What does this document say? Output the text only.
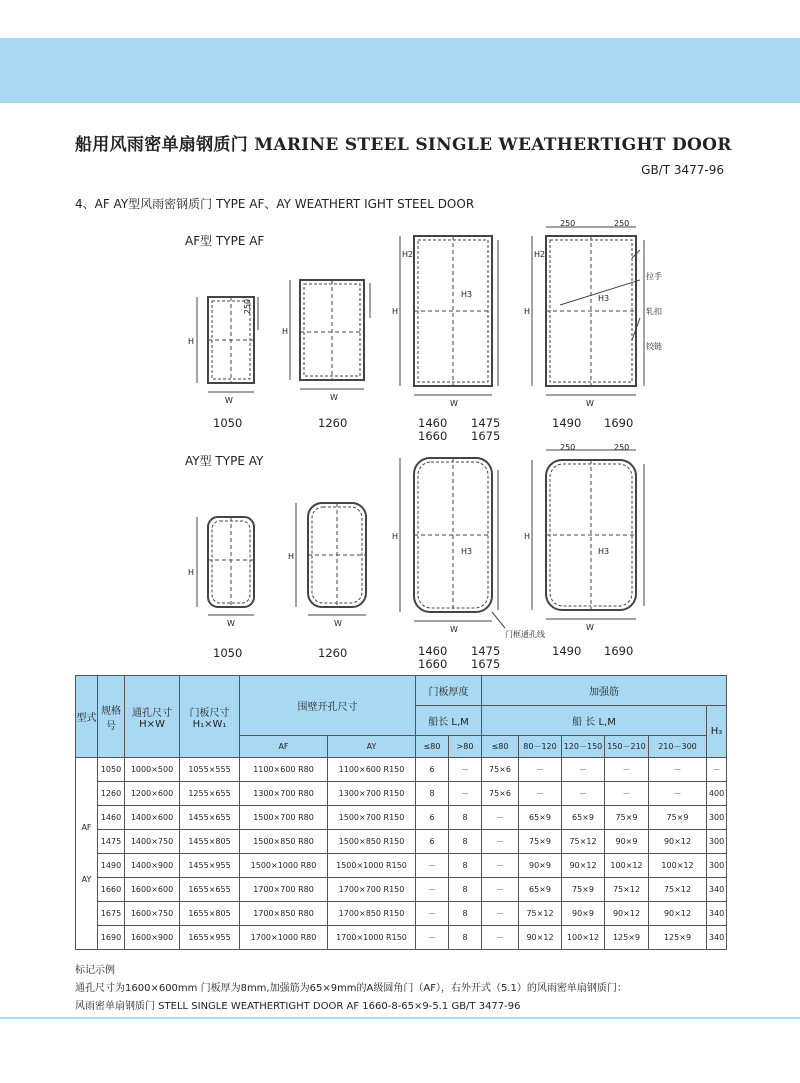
船用风雨密单扇钢质门 MARINE STEEL SINGLE WEATHERTIGHT DOOR
GB/T 3477-96
4、AF AY型风雨密钢质门 TYPE AF、AY WEATHERT IGHT STEEL DOOR
AF型 TYPE AF
AY型 TYPE AY
250
H
W
H
W
H
H3
H2
W
250	250
H
H2
H3
W
拉手
轧扣
铰链
H
W
H
W
H
H3
W
门框通孔线
250	250
H
H3
W
1050	1260	1460
1660
1475
1675
1490 1690
1050	1260	1460
1660
1475
1675
1490 1690
型式	规格号	通孔尺寸 H×W	门板尺寸 H₁×W₁	围壁开孔尺寸		门板厚度		加强筋					
						船长 L,M		船 长 L,M					H₃
				AF	AY	≤80	>80	≤80	80－120	120－150	150－210	210－300	
AF
AY	1050	1000×500	1055×555	1100×600 R80	1100×600 R150	6	－	75×6	－	－	－	－	－
	1260	1200×600	1255×655	1300×700 R80	1300×700 R150	8	－	75×6	－	－	－	－	400
	1460	1400×600	1455×655	1500×700 R80	1500×700 R150	6	8	－	65×9	65×9	75×9	75×9	300
	1475	1400×750	1455×805	1500×850 R80	1500×850 R150	6	8	－	75×9	75×12	90×9	90×12	300
	1490	1400×900	1455×955	1500×1000 R80	1500×1000 R150	－	8	－	90×9	90×12	100×12	100×12	300
	1660	1600×600	1655×655	1700×700 R80	1700×700 R150	－	8	－	65×9	75×9	75×12	75×12	340
	1675	1600×750	1655×805	1700×850 R80	1700×850 R150	－	8	－	75×12	90×9	90×12	90×12	340
	1690	1600×900	1655×955	1700×1000 R80	1700×1000 R150	－	8	－	90×12	100×12	125×9	125×9	340
标记示例
通孔尺寸为1600×600mm 门板厚为8mm,加强筋为65×9mm的A级圆角门（AF），右外开式（5.1）的风雨密单扇钢质门：
风雨密单扇钢质门 STELL SINGLE WEATHERTIGHT DOOR AF 1660-8-65×9-5.1 GB/T 3477-96
